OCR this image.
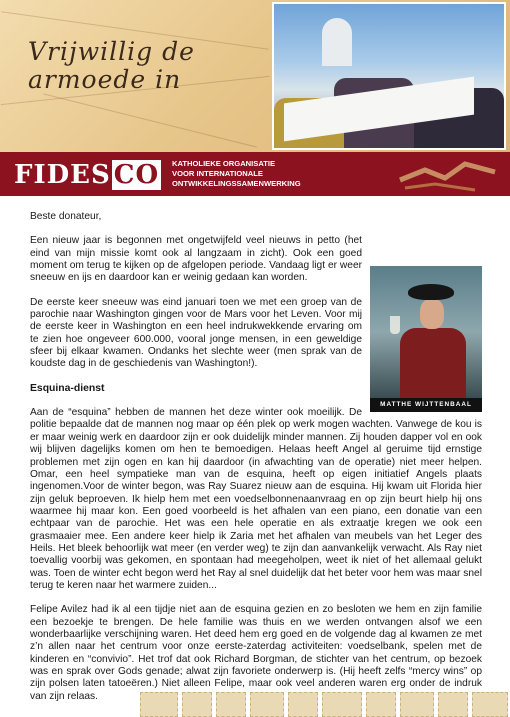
Vrijwillig de armoede in
FIDES CO KATHOLIEKE ORGANISATIE
VOOR INTERNATIONALE
ONTWIKKELINGSSAMENWERKING

Beste donateur,

MATTHE WIJTTENBAAL

Een nieuw jaar is begonnen met ongetwijfeld veel nieuws in petto (het eind van mijn missie komt ook al langzaam in zicht). Ook een goed moment om terug te kijken op de afgelopen periode. Vandaag ligt er weer sneeuw en ijs en daardoor kan er weinig gedaan kan worden.

De eerste keer sneeuw was eind januari toen we met een groep van de parochie naar Washington gingen voor de Mars voor het Leven. Voor mij de eerste keer in Washington en een heel indrukwekkende ervaring om te zien hoe ongeveer 600.000, vooral jonge mensen, in een geweldige sfeer bij elkaar kwamen. Ondanks het slechte weer (men sprak van de koudste dag in de geschiedenis van Washington!).

Esquina-dienst

Aan de “esquina” hebben de mannen het deze winter ook moeilijk. De politie bepaalde dat de mannen nog maar op één plek op werk mogen wachten. Vanwege de kou is er maar weinig werk en daardoor zijn er ook duidelijk minder mannen. Zij houden dapper vol en ook wij blijven dagelijks komen om hen te bemoedigen. Helaas heeft Angel al geruime tijd ernstige problemen met zijn ogen en kan hij daardoor (in afwachting van de operatie) niet meer helpen. Omar, een heel sympatieke man van de esquina, heeft op eigen initiatief Angels plaats ingenomen.Voor de winter begon, was Ray Suarez nieuw aan de esquina. Hij kwam uit Florida hier zijn geluk beproeven. Ik hielp hem met een voedselbonnenaanvraag en op zijn beurt hielp hij ons waarmee hij maar kon. Een goed voorbeeld is het afhalen van een piano, een donatie van een echtpaar van de parochie. Het was een hele operatie en als extraatje kregen we ook een grasmaaier mee. Een andere keer hielp ik Zaria met het afhalen van meubels van het Leger des Heils. Het bleek behoorlijk wat meer (en verder weg) te zijn dan aanvankelijk verwacht. Als Ray niet toevallig voorbij was gekomen, en spontaan had meegeholpen, weet ik niet of het allemaal gelukt was. Toen de winter echt begon werd het Ray al snel duidelijk dat het beter voor hem was maar snel terug te keren naar het warmere zuiden...

Felipe Avilez had ik al een tijdje niet aan de esquina gezien en zo besloten we hem en zijn familie een bezoekje te brengen. De hele familie was thuis en we werden ontvangen alsof we een wonderbaarlijke verschijning waren. Het deed hem erg goed en de volgende dag al kwamen ze met z’n allen naar het centrum voor onze eerste-zaterdag activiteiten: voedselbank, spelen met de kinderen en “convivio”. Het trof dat ook Richard Borgman, de stichter van het centrum, op bezoek was en sprak over Gods genade; alwat zijn favoriete onderwerp is. (Hij heeft zelfs “mercy wins” op zijn polsen laten tatoeëren.) Niet alleen Felipe, maar ook veel anderen waren erg onder de indruk van zijn relaas.
